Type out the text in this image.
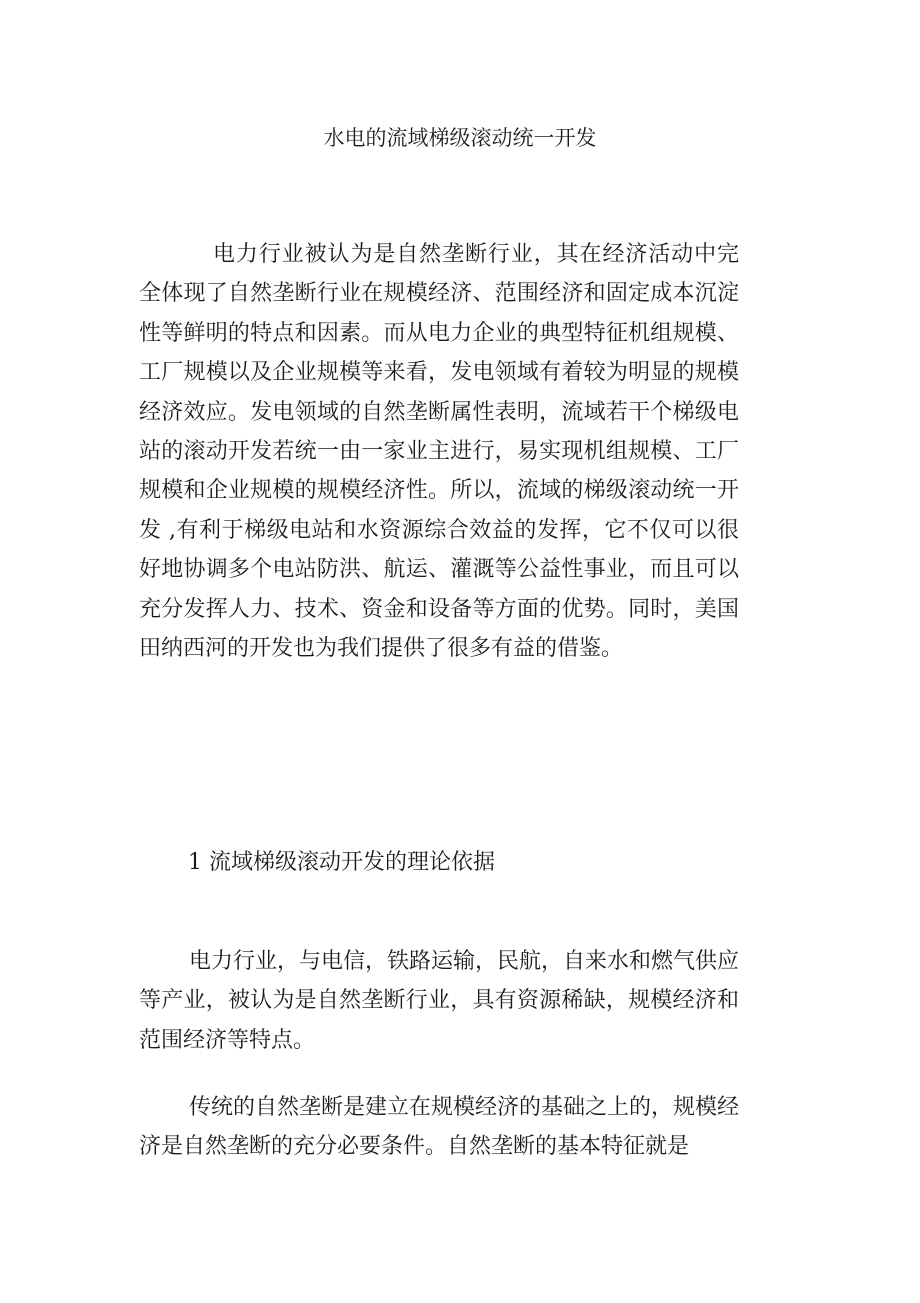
水电的流域梯级滚动统一开发

电力行业被认为是自然垄断行业，其在经济活动中完全体现了自然垄断行业在规模经济、范围经济和固定成本沉淀性等鲜明的特点和因素。而从电力企业的典型特征机组规模、工厂规模以及企业规模等来看，发电领域有着较为明显的规模经济效应。发电领域的自然垄断属性表明，流域若干个梯级电站的滚动开发若统一由一家业主进行，易实现机组规模、工厂规模和企业规模的规模经济性。所以，流域的梯级滚动统一开发 ,有利于梯级电站和水资源综合效益的发挥，它不仅可以很好地协调多个电站防洪、航运、灌溉等公益性事业，而且可以充分发挥人力、技术、资金和设备等方面的优势。同时，美国田纳西河的开发也为我们提供了很多有益的借鉴。

1 流域梯级滚动开发的理论依据

电力行业，与电信，铁路运输，民航，自来水和燃气供应等产业，被认为是自然垄断行业，具有资源稀缺，规模经济和范围经济等特点。

传统的自然垄断是建立在规模经济的基础之上的，规模经济是自然垄断的充分必要条件。自然垄断的基本特征就是
